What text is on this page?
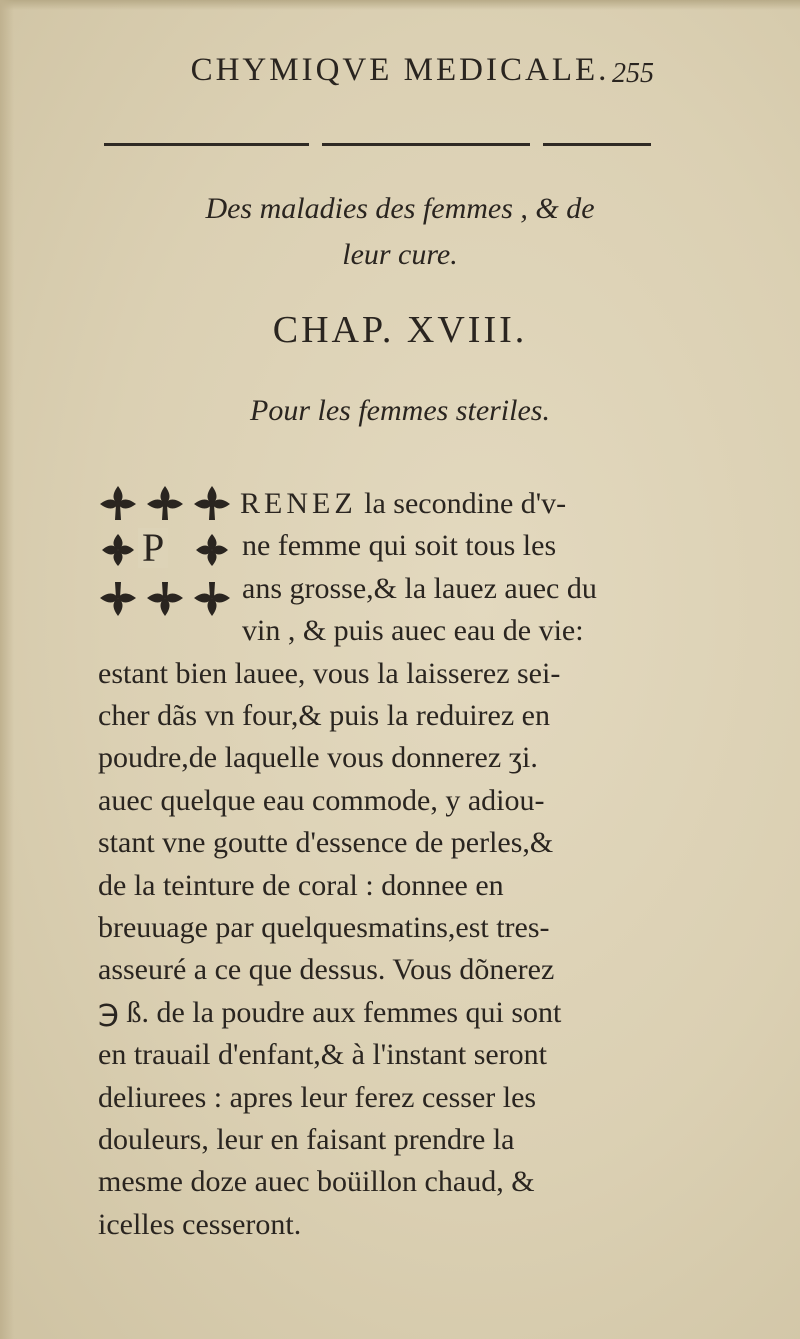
CHYMIQVE MEDICALE. 255
Des maladies des femmes , & de
leur cure.
CHAP. XVIII.
Pour les femmes steriles.
P
RENEZ la secondine d'v-
ne femme qui soit tous les
ans grosse,& la lauez auec du
vin , & puis auec eau de vie:
estant bien lauee, vous la laisserez sei-
cher dãs vn four,& puis la reduirez en
poudre,de laquelle vous donnerez ʒi.
auec quelque eau commode, y adiou-
stant vne goutte d'essence de perles,&
de la teinture de coral : donnee en
breuuage par quelquesmatins,est tres-
asseuré a ce que dessus. Vous dõnerez
℈ ß. de la poudre aux femmes qui sont
en trauail d'enfant,& à l'instant seront
deliurees : apres leur ferez cesser les
douleurs, leur en faisant prendre la
mesme doze auec boüillon chaud, &
icelles cesseront.
